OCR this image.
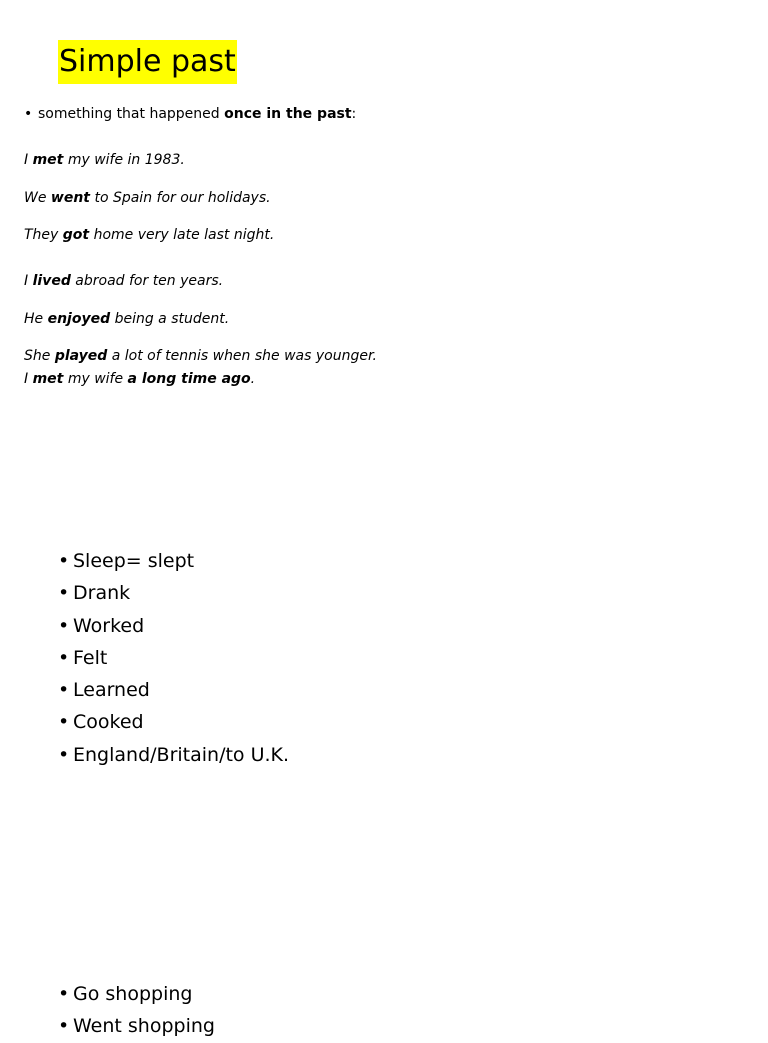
Simple past
• something that happened once in the past:

I met my wife in 1983.

We went to Spain for our holidays.

They got home very late last night.

I lived abroad for ten years.

He enjoyed being a student.

She played a lot of tennis when she was younger.

I met my wife a long time ago.

• Sleep= slept
• Drank
• Worked
• Felt
• Learned
• Cooked
• England/Britain/to U.K.
• Go shopping
• Went shopping
